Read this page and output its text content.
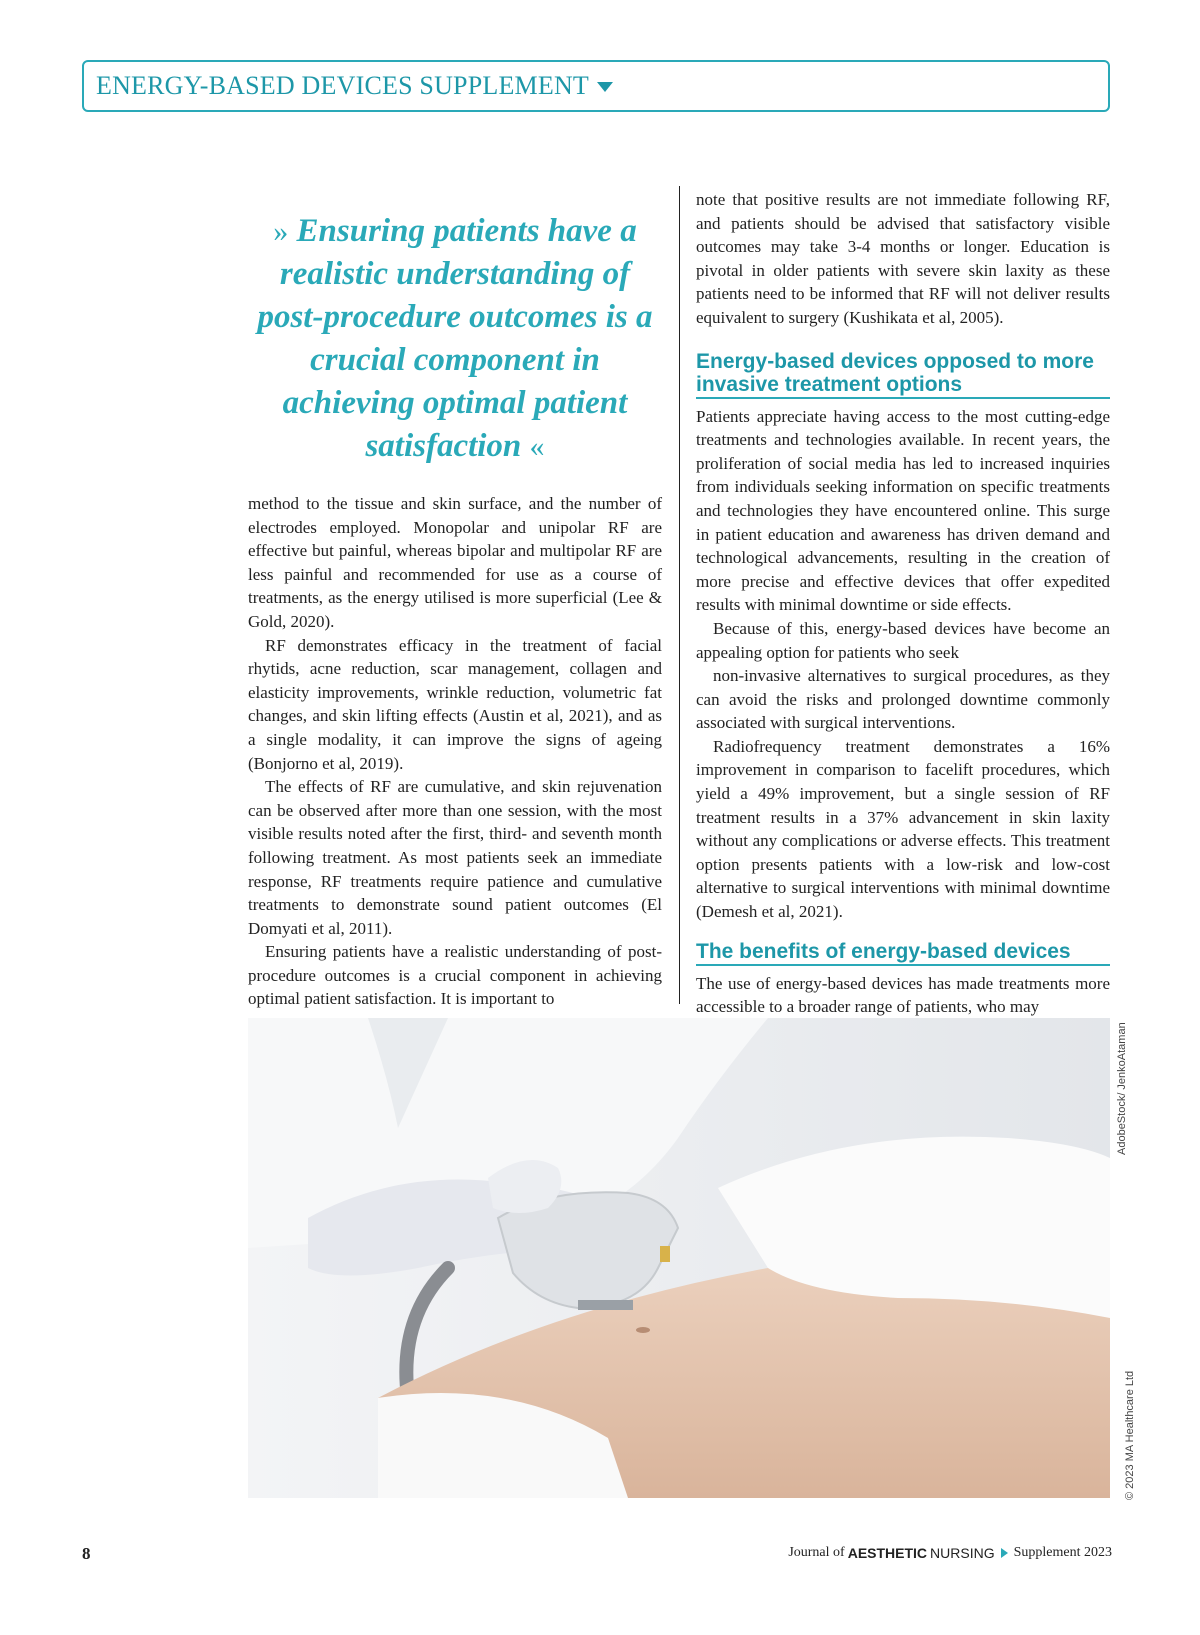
ENERGY-BASED DEVICES SUPPLEMENT
» Ensuring patients have a realistic understanding of post-procedure outcomes is a crucial component in achieving optimal patient satisfaction «

method to the tissue and skin surface, and the number of electrodes employed. Monopolar and unipolar RF are effective but painful, whereas bipolar and multipolar RF are less painful and recommended for use as a course of treatments, as the energy utilised is more superficial (Lee & Gold, 2020).

RF demonstrates efficacy in the treatment of facial rhytids, acne reduction, scar management, collagen and elasticity improvements, wrinkle reduction, volumetric fat changes, and skin lifting effects (Austin et al, 2021), and as a single modality, it can improve the signs of ageing (Bonjorno et al, 2019).

The effects of RF are cumulative, and skin rejuvenation can be observed after more than one session, with the most visible results noted after the first, third- and seventh month following treatment. As most patients seek an immediate response, RF treatments require patience and cumulative treatments to demonstrate sound patient outcomes (El Domyati et al, 2011).

Ensuring patients have a realistic understanding of post-procedure outcomes is a crucial component in achieving optimal patient satisfaction. It is important to

note that positive results are not immediate following RF, and patients should be advised that satisfactory visible outcomes may take 3-4 months or longer. Education is pivotal in older patients with severe skin laxity as these patients need to be informed that RF will not deliver results equivalent to surgery (Kushikata et al, 2005).

Energy-based devices opposed to more invasive treatment options

Patients appreciate having access to the most cutting-edge treatments and technologies available. In recent years, the proliferation of social media has led to increased inquiries from individuals seeking information on specific treatments and technologies they have encountered online. This surge in patient education and awareness has driven demand and technological advancements, resulting in the creation of more precise and effective devices that offer expedited results with minimal downtime or side effects.

Because of this, energy-based devices have become an appealing option for patients who seek

non-invasive alternatives to surgical procedures, as they can avoid the risks and prolonged downtime commonly associated with surgical interventions.

Radiofrequency treatment demonstrates a 16% improvement in comparison to facelift procedures, which yield a 49% improvement, but a single session of RF treatment results in a 37% advancement in skin laxity without any complications or adverse effects. This treatment option presents patients with a low-risk and low-cost alternative to surgical interventions with minimal downtime (Demesh et al, 2021).

The benefits of energy-based devices

The use of energy-based devices has made treatments more accessible to a broader range of patients, who may

AdobeStock/ JenkoAtaman
© 2023 MA Healthcare Ltd
8	Journal of AESTHETIC NURSING Supplement 2023
